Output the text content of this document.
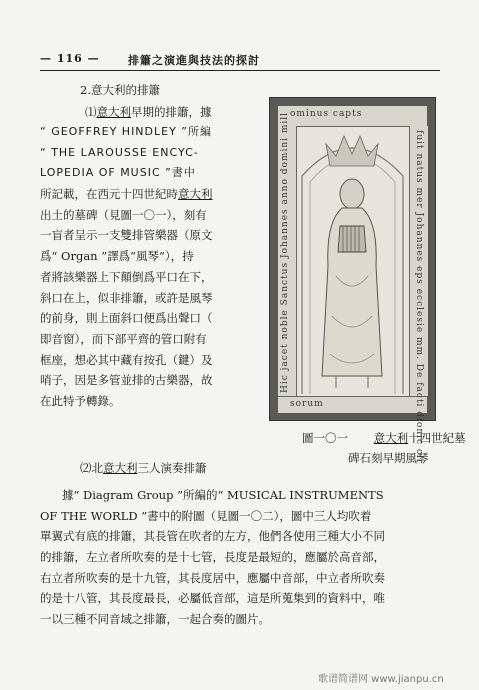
— 116 —	排簫之演進與技法的探討
2.意大利的排簫
⑴意大利早期的排簫，據
“ GEOFFREY HINDLEY ”所編
“ THE LAROUSSE ENCYC-
LOPEDIA OF MUSIC ”書中
所記載，在西元十四世紀時意大利
出土的墓碑（見圖一〇一），刻有
一盲者呈示一支雙排管樂器（原文
爲“ Organ ”譯爲“風琴”），持
者將該樂器上下顛倒爲平口在下，
斜口在上，似非排簫，或許是風琴
的前身，則上面斜口便爲出聲口（
即音窗），而下部平齊的管口附有
框座，想必其中藏有按孔（鍵）及
哨子，因是多管並排的古樂器，故
在此特予轉錄。
ominus capts
fuit natus mer Johannes eps ecclesie mm. De facti dionic cir
sorum
Hic jacet noble Sanctus Johannes anno domini mill
圖一〇一 意大利十四世紀墓
碑石刻早期風琴
⑵北意大利三人演奏排簫
據“ Diagram Group ”所編的“ MUSICAL INSTRUMENTS
OF THE WORLD ”書中的附圖（見圖一〇二），圖中三人均吹着
單翼式有底的排簫，其長管在吹者的左方，他們各使用三種大小不同
的排簫，左立者所吹奏的是十七管，長度是最短的，應屬於高音部，
右立者所吹奏的是十九管，其長度居中，應屬中音部，中立者所吹奏
的是十八管，其長度最長，必屬低音部，這是所蒐集到的資料中，唯
一以三種不同音域之排簫，一起合奏的圖片。
歌谱简谱网 www.jianpu.cn
